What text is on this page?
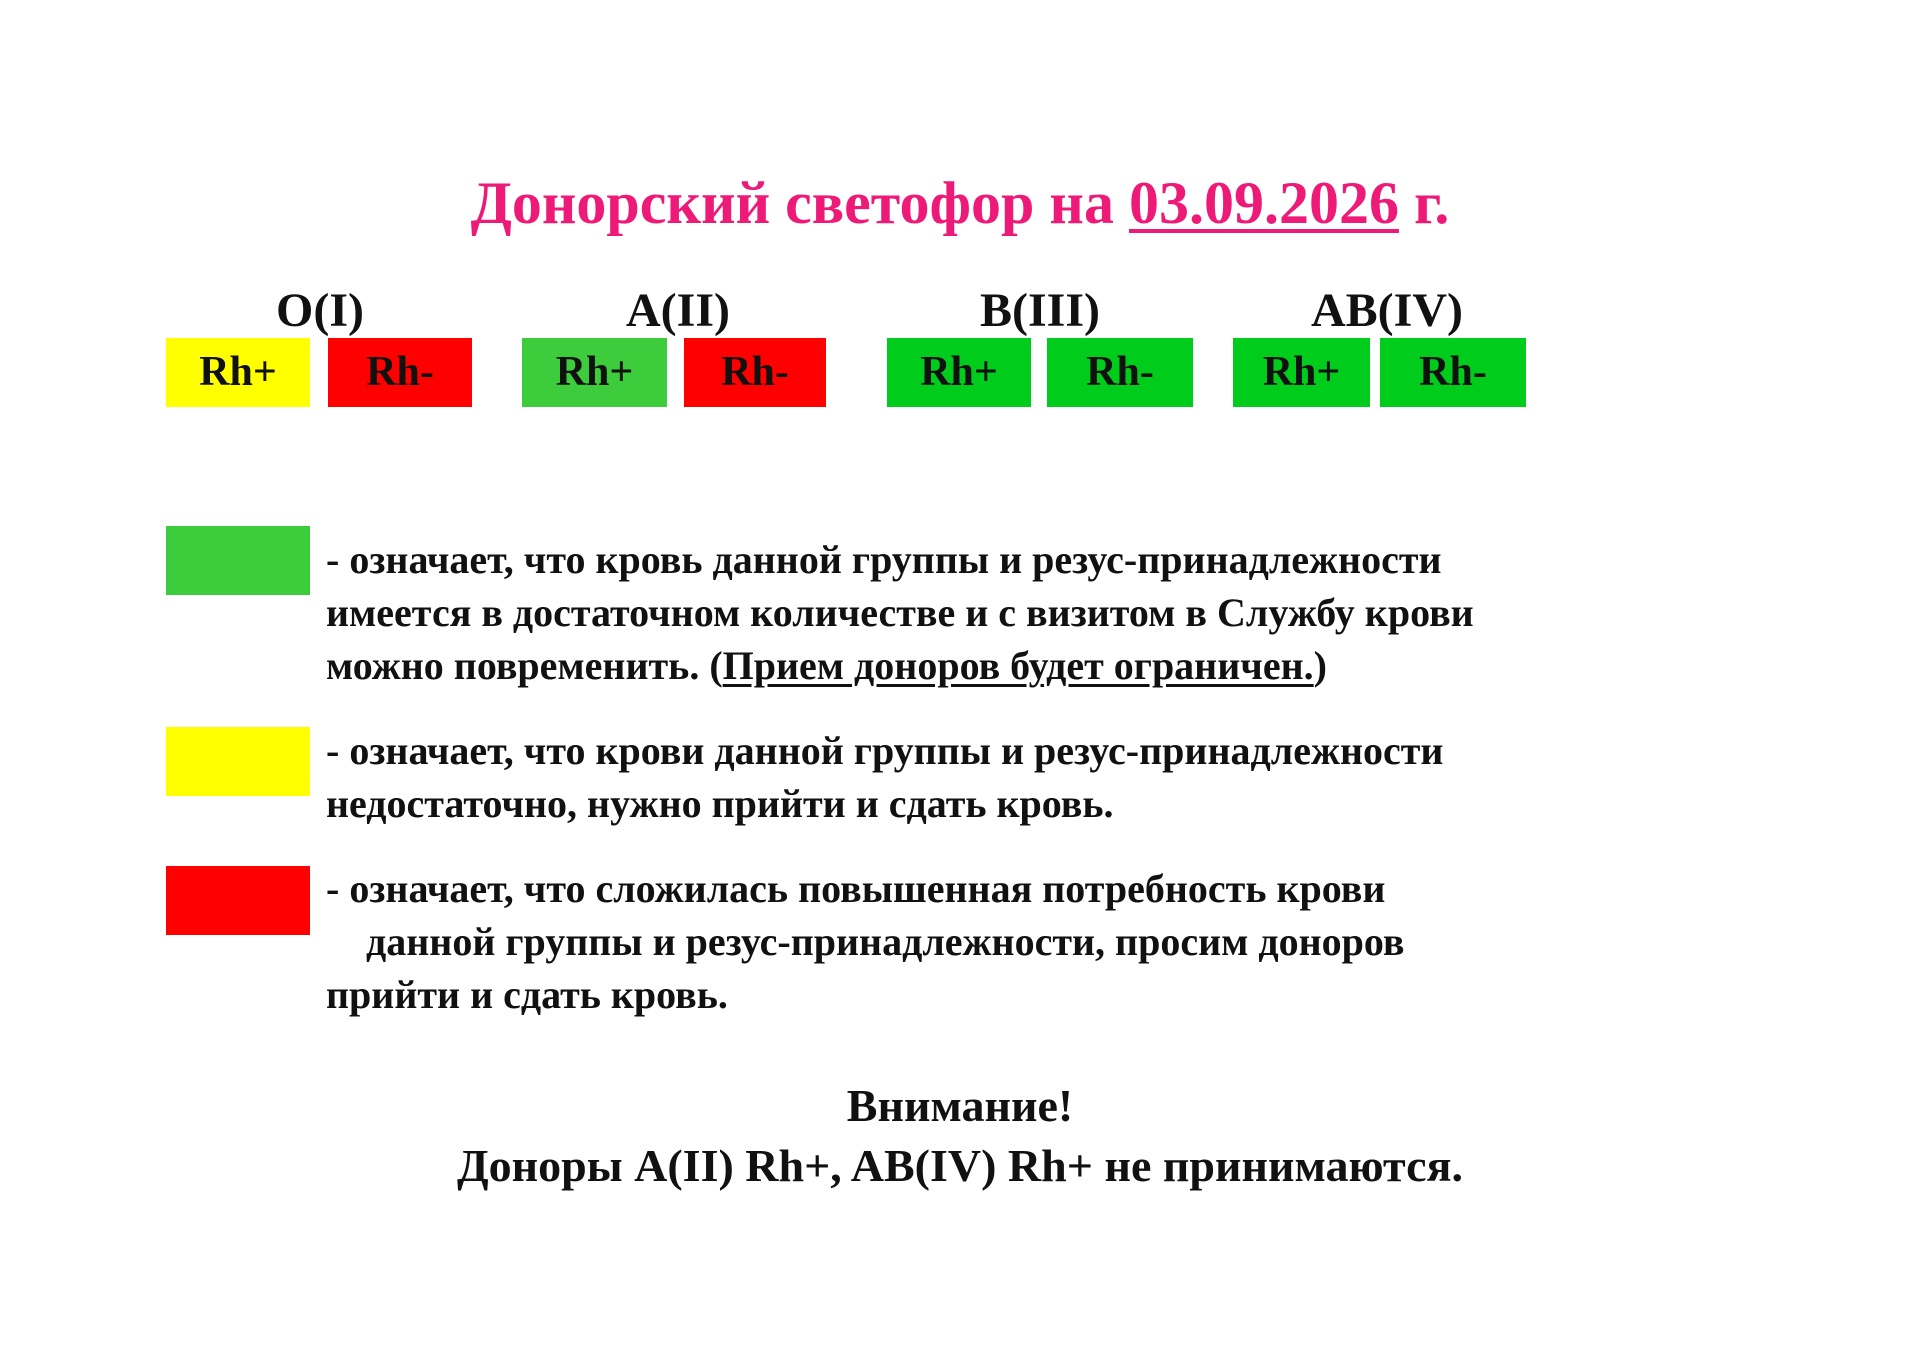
Донорский светофор на 03.09.2026 г.
O(I)
Rh+	Rh-
A(II)
Rh+	Rh-
B(III)
Rh+	Rh-
AB(IV)
Rh+	Rh-
- означает, что кровь данной группы и резус-принадлежности
имеется в достаточном количестве и с визитом в Службу крови
можно повременить. (Прием доноров будет ограничен.)
- означает, что крови данной группы и резус-принадлежности
недостаточно, нужно прийти и сдать кровь.
- означает, что сложилась повышенная потребность крови
данной группы и резус-принадлежности, просим доноров
прийти и сдать кровь.
Внимание!
Доноры A(II) Rh+, AB(IV) Rh+ не принимаются.
